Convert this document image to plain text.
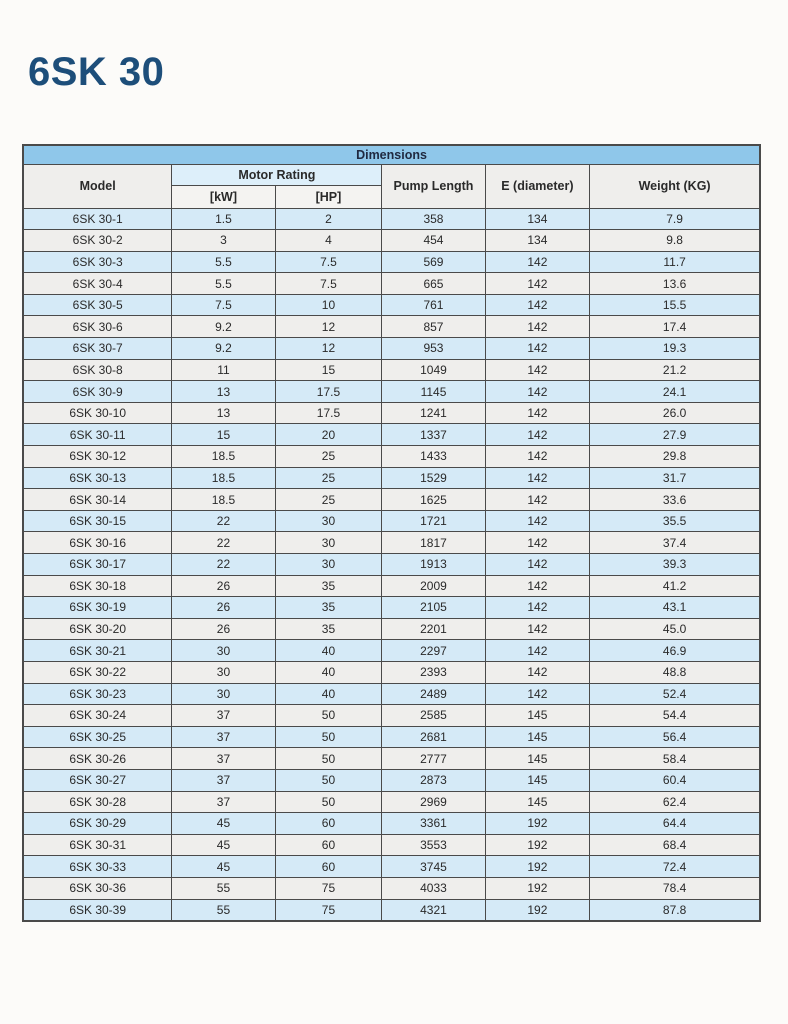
6SK 30
Dimensions					
Model	Motor Rating		Pump Length	E (diameter)	Weight (KG)
	[kW]	[HP]			
6SK 30-1	1.5	2	358	134	7.9
6SK 30-2	3	4	454	134	9.8
6SK 30-3	5.5	7.5	569	142	11.7
6SK 30-4	5.5	7.5	665	142	13.6
6SK 30-5	7.5	10	761	142	15.5
6SK 30-6	9.2	12	857	142	17.4
6SK 30-7	9.2	12	953	142	19.3
6SK 30-8	11	15	1049	142	21.2
6SK 30-9	13	17.5	1145	142	24.1
6SK 30-10	13	17.5	1241	142	26.0
6SK 30-11	15	20	1337	142	27.9
6SK 30-12	18.5	25	1433	142	29.8
6SK 30-13	18.5	25	1529	142	31.7
6SK 30-14	18.5	25	1625	142	33.6
6SK 30-15	22	30	1721	142	35.5
6SK 30-16	22	30	1817	142	37.4
6SK 30-17	22	30	1913	142	39.3
6SK 30-18	26	35	2009	142	41.2
6SK 30-19	26	35	2105	142	43.1
6SK 30-20	26	35	2201	142	45.0
6SK 30-21	30	40	2297	142	46.9
6SK 30-22	30	40	2393	142	48.8
6SK 30-23	30	40	2489	142	52.4
6SK 30-24	37	50	2585	145	54.4
6SK 30-25	37	50	2681	145	56.4
6SK 30-26	37	50	2777	145	58.4
6SK 30-27	37	50	2873	145	60.4
6SK 30-28	37	50	2969	145	62.4
6SK 30-29	45	60	3361	192	64.4
6SK 30-31	45	60	3553	192	68.4
6SK 30-33	45	60	3745	192	72.4
6SK 30-36	55	75	4033	192	78.4
6SK 30-39	55	75	4321	192	87.8
